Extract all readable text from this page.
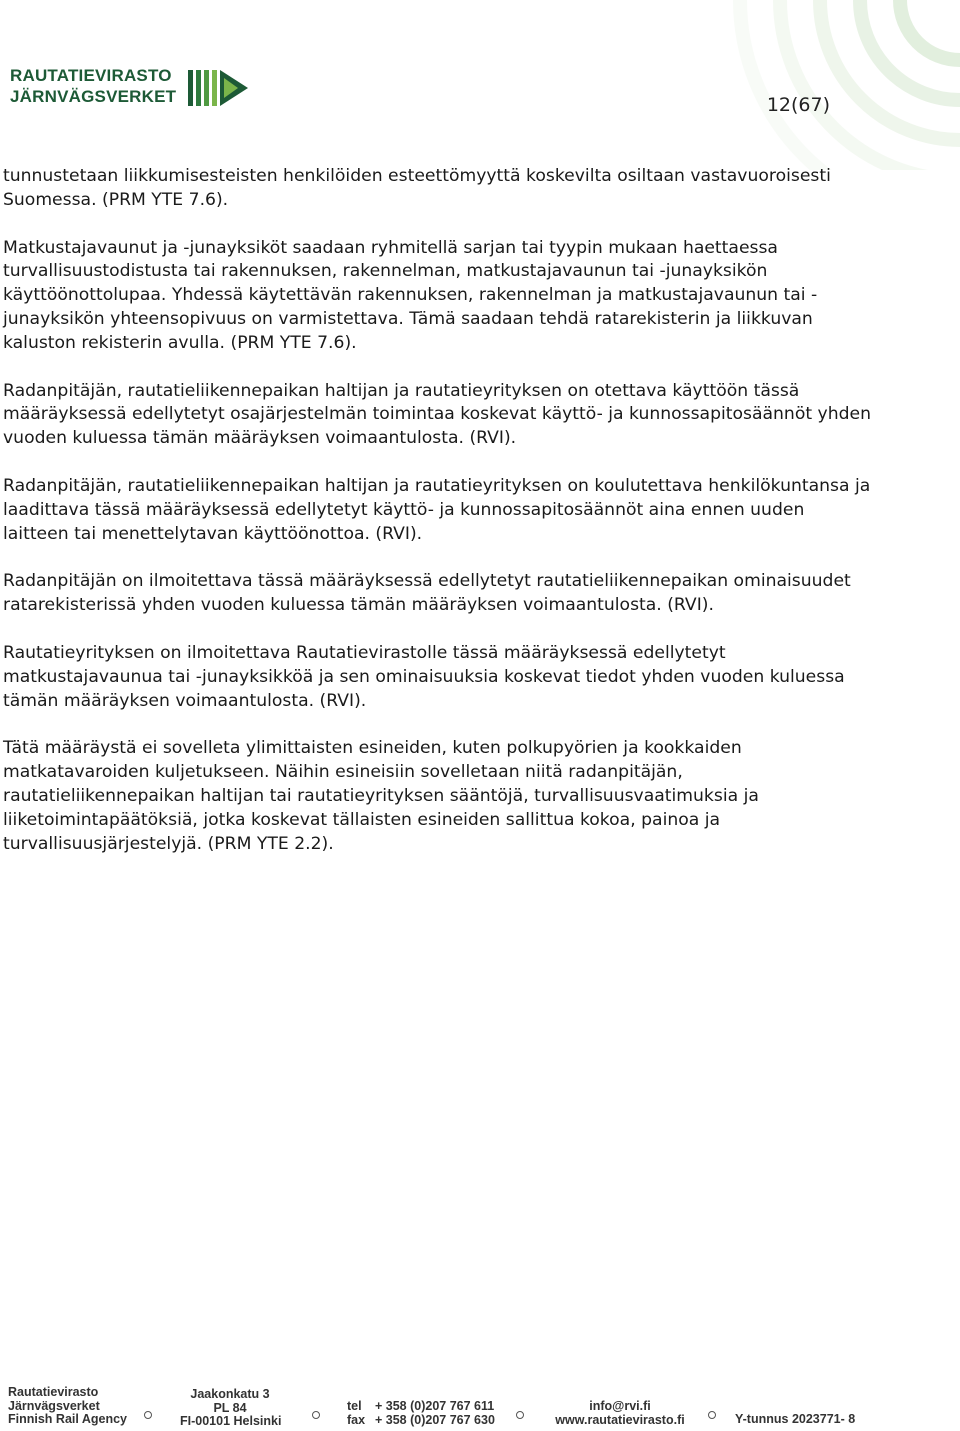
RAUTATIEVIRASTO
JÄRNVÄGSVERKET	12(67)

tunnustetaan liikkumisesteisten henkilöiden esteettömyyttä koskevilta osiltaan vastavuoroisesti Suomessa. (PRM YTE 7.6).

Matkustajavaunut ja -junayksiköt saadaan ryhmitellä sarjan tai tyypin mukaan haettaessa turvallisuustodistusta tai rakennuksen, rakennelman, matkustajavaunun tai -junayksikön käyttöönottolupaa. Yhdessä käytettävän rakennuksen, rakennelman ja matkustajavaunun tai -junayksikön yhteensopivuus on varmistettava. Tämä saadaan tehdä ratarekisterin ja liikkuvan kaluston rekisterin avulla. (PRM YTE 7.6).

Radanpitäjän, rautatieliikennepaikan haltijan ja rautatieyrityksen on otettava käyttöön tässä määräyksessä edellytetyt osajärjestelmän toimintaa koskevat käyttö- ja kunnossapitosäännöt yhden vuoden kuluessa tämän määräyksen voimaantulosta. (RVI).

Radanpitäjän, rautatieliikennepaikan haltijan ja rautatieyrityksen on koulutettava henkilökuntansa ja laadittava tässä määräyksessä edellytetyt käyttö- ja kunnossapitosäännöt aina ennen uuden laitteen tai menettelytavan käyttöönottoa. (RVI).

Radanpitäjän on ilmoitettava tässä määräyksessä edellytetyt rautatieliikennepaikan ominaisuudet ratarekisterissä yhden vuoden kuluessa tämän määräyksen voimaantulosta. (RVI).

Rautatieyrityksen on ilmoitettava Rautatievirastolle tässä määräyksessä edellytetyt matkustajavaunua tai -junayksikköä ja sen ominaisuuksia koskevat tiedot yhden vuoden kuluessa tämän määräyksen voimaantulosta. (RVI).

Tätä määräystä ei sovelleta ylimittaisten esineiden, kuten polkupyörien ja kookkaiden matkatavaroiden kuljetukseen. Näihin esineisiin sovelletaan niitä radanpitäjän, rautatieliikennepaikan haltijan tai rautatieyrityksen sääntöjä, turvallisuusvaatimuksia ja liiketoimintapäätöksiä, jotka koskevat tällaisten esineiden sallittua kokoa, painoa ja turvallisuusjärjestelyjä. (PRM YTE 2.2).

Rautatievirasto
Järnvägsverket
Finnish Rail Agency
Jaakonkatu 3
PL 84
FI-00101 Helsinki
tel + 358 (0)207 767 611
fax + 358 (0)207 767 630
info@rvi.fi
www.rautatievirasto.fi	Y-tunnus 2023771- 8
